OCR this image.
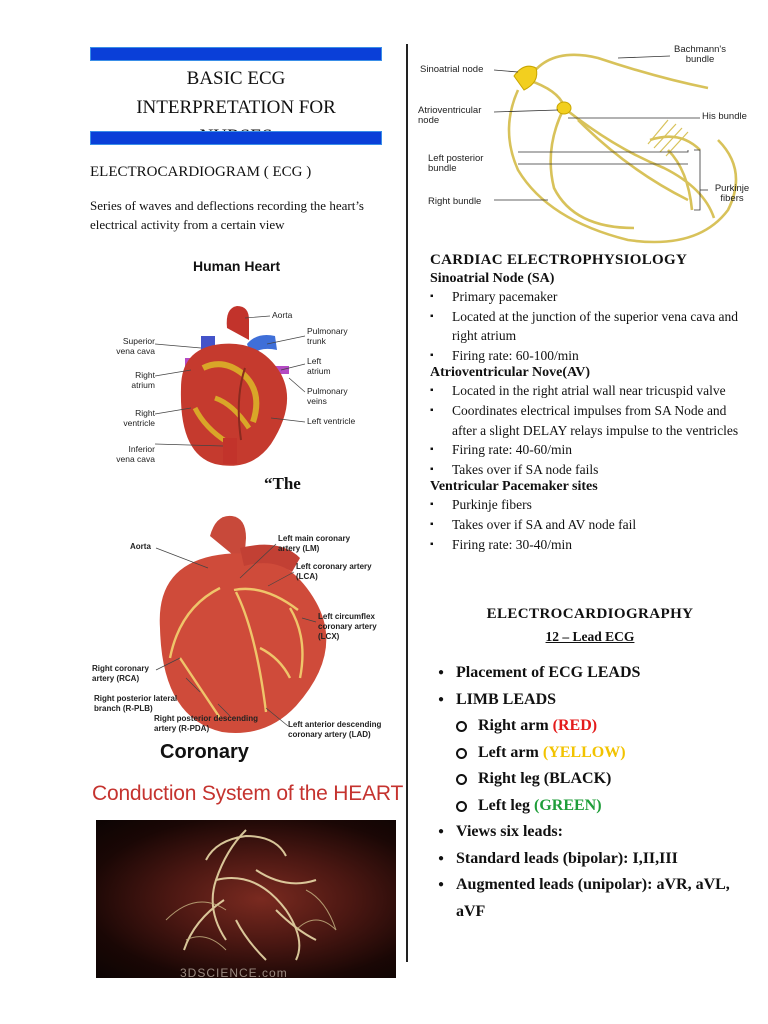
BASIC ECG
INTERPRETATION FOR
ELECTROCARDIOGRAM ( ECG )
Series of waves and deflections recording the heart’s electrical activity from a certain view
Human Heart
Aorta
Superior vena cava
Pulmonary trunk
Right atrium
Left atrium
Pulmonary veins
Right ventricle	Left ventricle
Inferior vena cava
“The
Aorta
Left main coronary artery (LM)
Left coronary artery (LCA)
Left circumflex coronary artery (LCX)
Right coronary artery (RCA)
Right posterior lateral branch (R-PLB)
Right posterior descending artery (R-PDA)	Left anterior descending coronary artery (LAD)
Coronary
Conduction System of the HEART
3DSCIENCE.com
Sinoatrial node
Bachmann's bundle
Atrioventricular node	His bundle
Left posterior bundle
Purkinje fibers
Right bundle
CARDIAC ELECTROPHYSIOLOGY
Sinoatrial Node (SA)
▪ Primary pacemaker
▪ Located at the junction of the superior vena cava and right atrium
▪ Firing rate: 60-100/min
Atrioventricular Nove(AV)
▪ Located in the right atrial wall near tricuspid valve
▪ Coordinates electrical impulses from SA Node and after a slight DELAY relays impulse to the ventricles
▪ Firing rate: 40-60/min
▪ Takes over if SA node fails
Ventricular Pacemaker sites
▪ Purkinje fibers
▪ Takes over if SA and AV node fail
▪ Firing rate: 30-40/min
ELECTROCARDIOGRAPHY
12 – Lead ECG
● Placement of ECG LEADS
● LIMB LEADS
Right arm (RED)
Left arm (YELLOW)
Right leg (BLACK)
Left leg (GREEN)
● Views six leads:
● Standard leads (bipolar): I,II,III
● Augmented leads (unipolar): aVR, aVL, aVF
